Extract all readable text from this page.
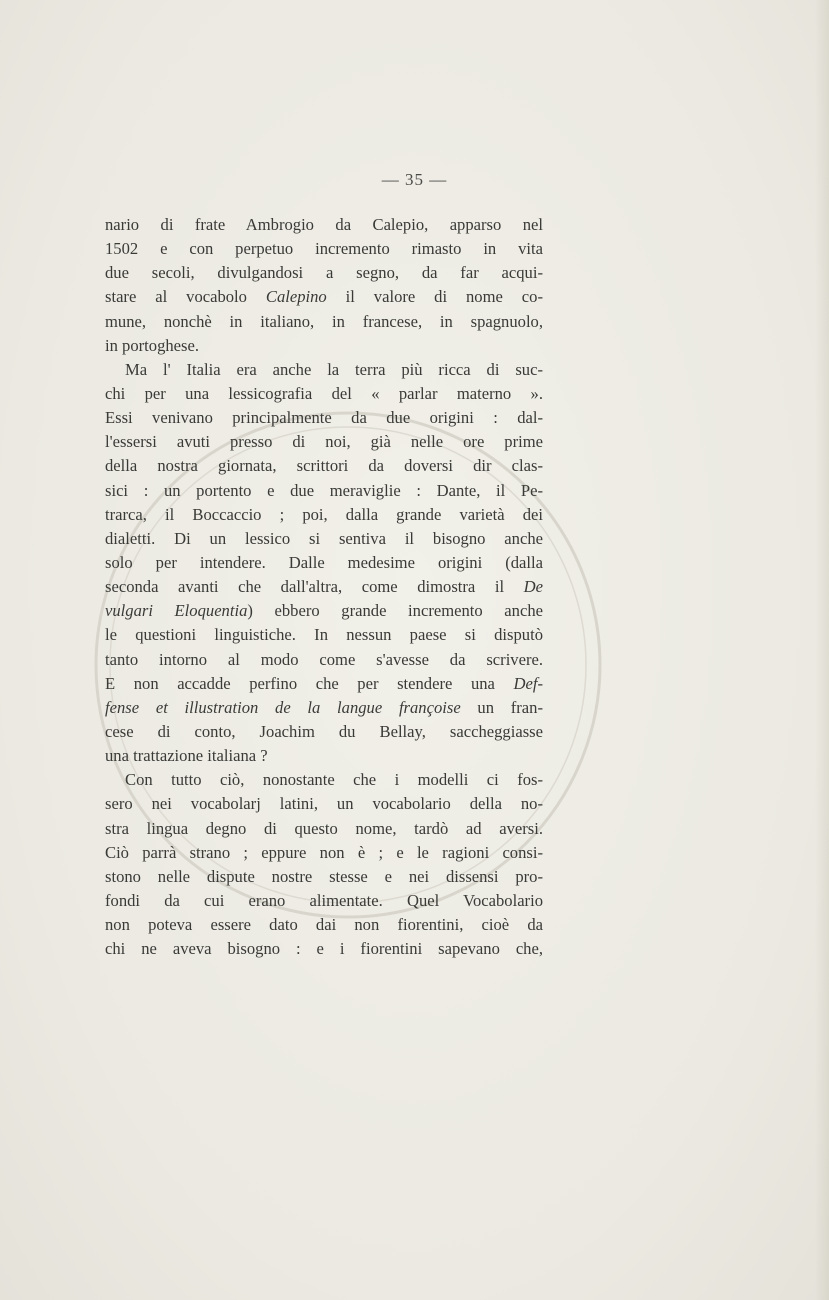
— 35 —
nario di frate Ambrogio da Calepio, apparso nel
1502 e con perpetuo incremento rimasto in vita
due secoli, divulgandosi a segno, da far acqui-
stare al vocabolo Calepino il valore di nome co-
mune, nonchè in italiano, in francese, in spagnuolo,
in portoghese.
Ma l' Italia era anche la terra più ricca di suc-
chi per una lessicografia del « parlar materno ».
Essi venivano principalmente da due origini : dal-
l'essersi avuti presso di noi, già nelle ore prime
della nostra giornata, scrittori da doversi dir clas-
sici : un portento e due meraviglie : Dante, il Pe-
trarca, il Boccaccio ; poi, dalla grande varietà dei
dialetti. Di un lessico si sentiva il bisogno anche
solo per intendere. Dalle medesime origini (dalla
seconda avanti che dall'altra, come dimostra il De
vulgari Eloquentia) ebbero grande incremento anche
le questioni linguistiche. In nessun paese si disputò
tanto intorno al modo come s'avesse da scrivere.
E non accadde perfino che per stendere una Def-
fense et illustration de la langue françoise un fran-
cese di conto, Joachim du Bellay, saccheggiasse
una trattazione italiana ?
Con tutto ciò, nonostante che i modelli ci fos-
sero nei vocabolarj latini, un vocabolario della no-
stra lingua degno di questo nome, tardò ad aversi.
Ciò parrà strano ; eppure non è ; e le ragioni consi-
stono nelle dispute nostre stesse e nei dissensi pro-
fondi da cui erano alimentate. Quel Vocabolario
non poteva essere dato dai non fiorentini, cioè da
chi ne aveva bisogno : e i fiorentini sapevano che,
